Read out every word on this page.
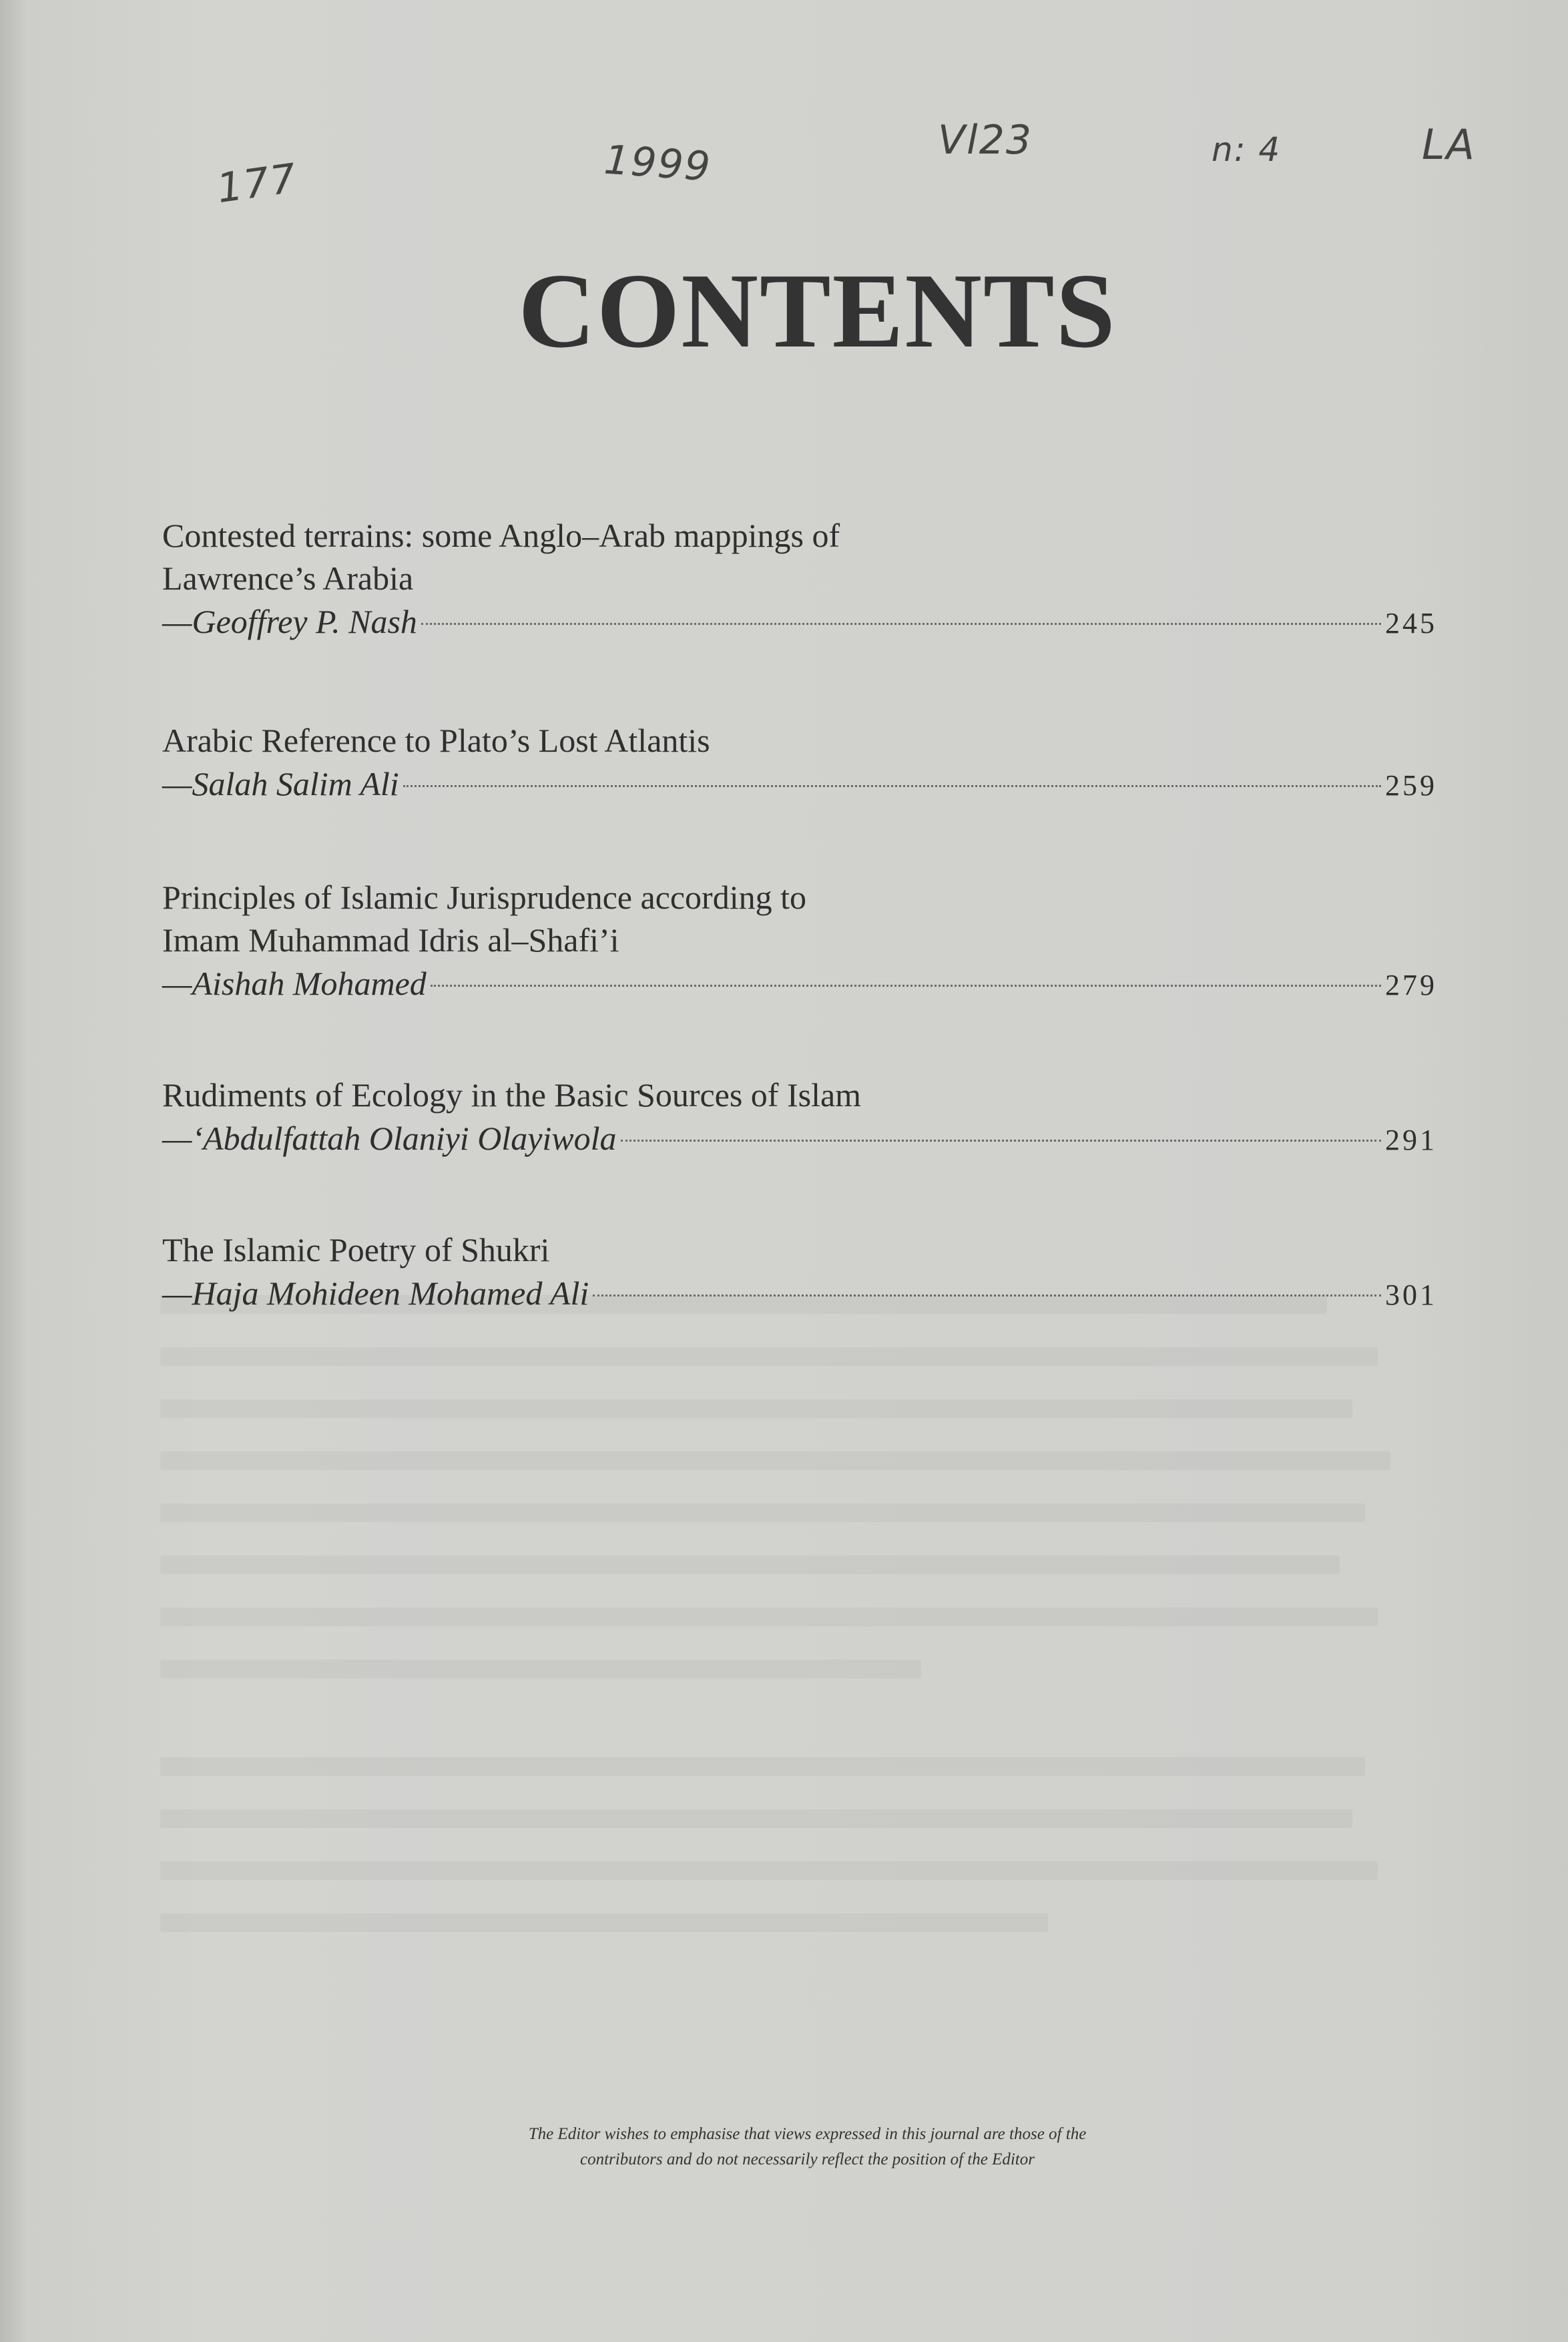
177	1999	Vl23	n: 4	LA
CONTENTS
Contested terrains: some Anglo–Arab mappings of
Lawrence’s Arabia
—Geoffrey P. Nash	245
Arabic Reference to Plato’s Lost Atlantis
—Salah Salim Ali	259
Principles of Islamic Jurisprudence according to
Imam Muhammad Idris al–Shafi’i
—Aishah Mohamed	279
Rudiments of Ecology in the Basic Sources of Islam
—‘Abdulfattah Olaniyi Olayiwola	291
The Islamic Poetry of Shukri
—Haja Mohideen Mohamed Ali	301
The Editor wishes to emphasise that views expressed in this journal are those of the
contributors and do not necessarily reflect the position of the Editor
